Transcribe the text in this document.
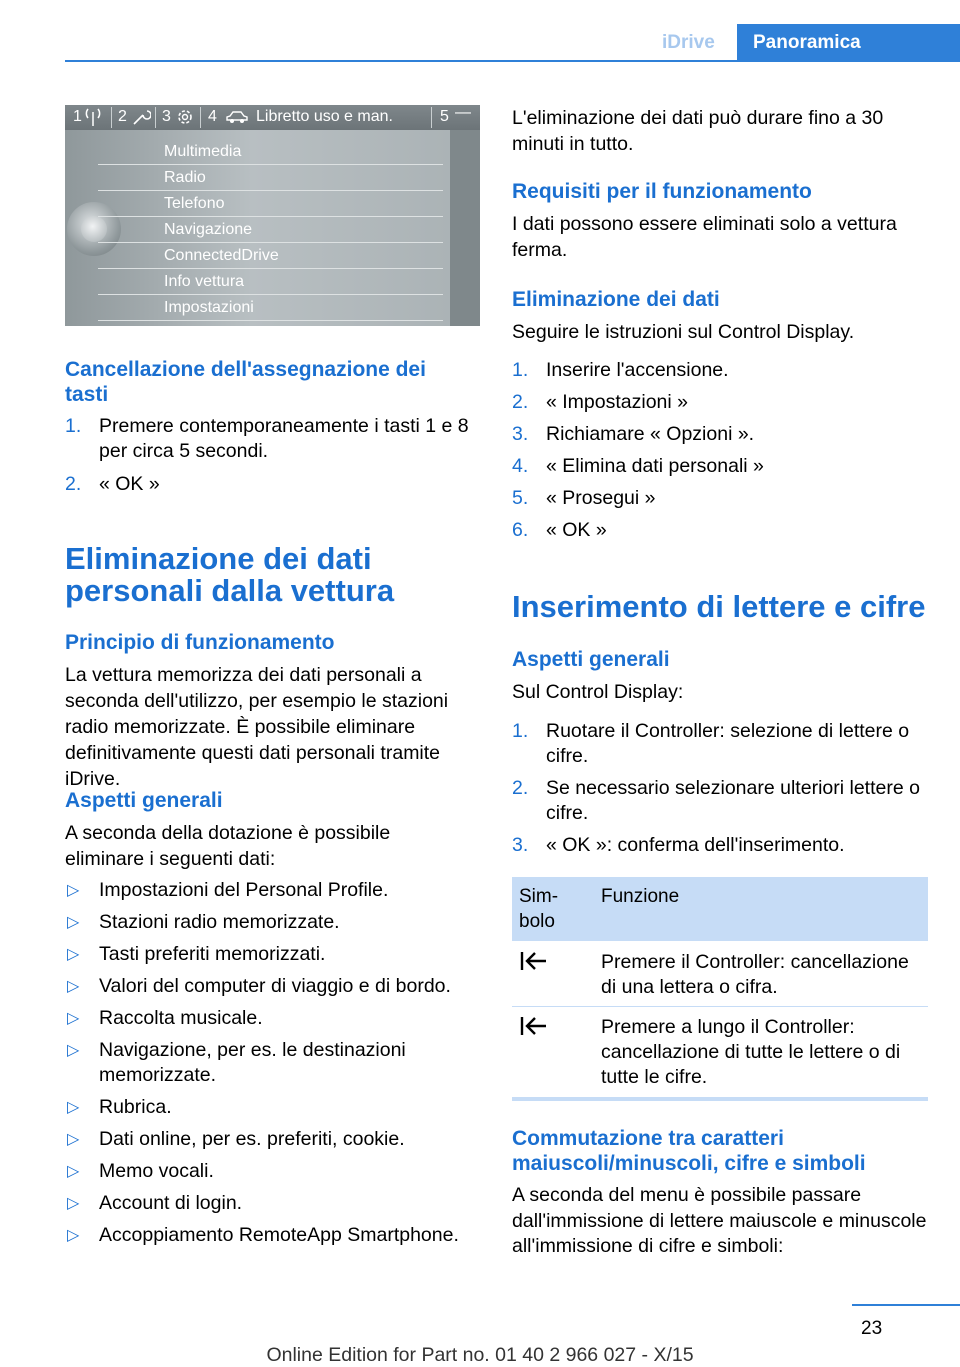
iDrive	Panoramica
1 2 3 4 Libretto uso e man.	5 —
Multimedia
Radio
Telefono
Navigazione
ConnectedDrive
Info vettura
Impostazioni
Cancellazione dell'assegnazione dei tasti
1. Premere contemporaneamente i tasti 1 e 8 per circa 5 secondi.
2. « OK »
Eliminazione dei dati personali dalla vettura
Principio di funzionamento
La vettura memorizza dei dati personali a seconda dell'utilizzo, per esempio le stazioni radio memorizzate. È possibile eliminare definitivamente questi dati personali tramite iDrive.
Aspetti generali
A seconda della dotazione è possibile eliminare i seguenti dati:
▷ Impostazioni del Personal Profile.
▷ Stazioni radio memorizzate.
▷ Tasti preferiti memorizzati.
▷ Valori del computer di viaggio e di bordo.
▷ Raccolta musicale.
▷ Navigazione, per es. le destinazioni memorizzate.
▷ Rubrica.
▷ Dati online, per es. preferiti, cookie.
▷ Memo vocali.
▷ Account di login.
▷ Accoppiamento RemoteApp Smartphone.
L'eliminazione dei dati può durare fino a 30 minuti in tutto.
Requisiti per il funzionamento
I dati possono essere eliminati solo a vettura ferma.
Eliminazione dei dati
Seguire le istruzioni sul Control Display.
1. Inserire l'accensione.
2. « Impostazioni »
3. Richiamare « Opzioni ».
4. « Elimina dati personali »
5. « Prosegui »
6. « OK »
Inserimento di lettere e cifre
Aspetti generali
Sul Control Display:
1. Ruotare il Controller: selezione di lettere o cifre.
2. Se necessario selezionare ulteriori lettere o cifre.
3. « OK »: conferma dell'inserimento.
Sim-bolo
Funzione
Premere il Controller: cancellazione di una lettera o cifra.
Premere a lungo il Controller: cancellazione di tutte le lettere o di tutte le cifre.
Commutazione tra caratteri maiuscoli/minuscoli, cifre e simboli
A seconda del menu è possibile passare dall'immissione di lettere maiuscole e minuscole all'immissione di cifre e simboli:
23
Online Edition for Part no. 01 40 2 966 027 - X/15
